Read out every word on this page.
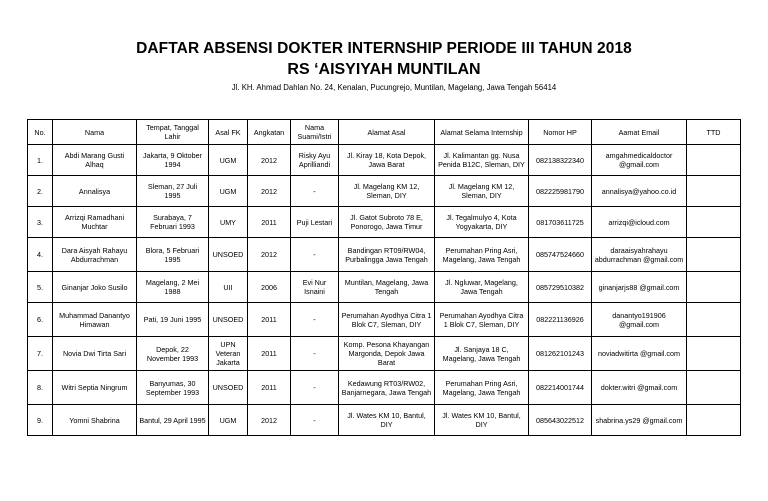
DAFTAR ABSENSI DOKTER INTERNSHIP PERIODE III TAHUN 2018
RS ‘AISYIYAH MUNTILAN
Jl. KH. Ahmad Dahlan No. 24, Kenalan, Pucungrejo, Muntilan, Magelang, Jawa Tengah 56414
No.	Nama	Tempat, Tanggal Lahir	Asal FK	Angkatan	Nama Suami/Istri	Alamat Asal	Alamat Selama Internship	Nomor HP	Aamat Email	TTD
1.	Abdi Marang Gusti Alhaq	Jakarta, 9 Oktober 1994	UGM	2012	Risky Ayu Aprilliandi	Jl. Kiray 18, Kota Depok, Jawa Barat	Jl. Kalimantan gg. Nusa Penida B12C, Sleman, DIY	082138322340	amgahmedicaldoctor @gmail.com	
2.	Annalisya	Sleman, 27 Juli 1995	UGM	2012	-	Jl. Magelang KM 12, Sleman, DIY	Jl. Magelang KM 12, Sleman, DIY	082225981790	annalisya@yahoo.co.id	
3.	Arrizqi Ramadhani Muchtar	Surabaya, 7 Februari 1993	UMY	2011	Puji Lestari	Jl. Gatot Subroto 78 E, Ponorogo, Jawa Timur	Jl. Tegalmulyo 4, Kota Yogyakarta, DIY	081703611725	arrizqi@icloud.com	
4.	Dara Aisyah Rahayu Abdurrachman	Blora, 5 Februari 1995	UNSOED	2012	-	Bandingan RT09/RW04, Purbalingga Jawa Tengah	Perumahan Pring Asri, Magelang, Jawa Tengah	085747524660	daraaisyahrahayu abdurrachman @gmail.com	
5.	Ginanjar Joko Susilo	Magelang, 2 Mei 1988	UII	2006	Evi Nur Isnaini	Muntilan, Magelang, Jawa Tengah	Jl. Ngluwar, Magelang, Jawa Tengah	085729510382	ginanjarjs88 @gmail.com	
6.	Muhammad Danantyo Himawan	Pati, 19 Juni 1995	UNSOED	2011	-	Perumahan Ayodhya Citra 1 Blok C7, Sleman, DIY	Perumahan Ayodhya Citra 1 Blok C7, Sleman, DIY	082221136926	danantyo191906 @gmail.com	
7.	Novia Dwi Tirta Sari	Depok, 22 November 1993	UPN Veteran Jakarta	2011	-	Komp. Pesona Khayangan Margonda, Depok Jawa Barat	Jl. Sanjaya 18 C, Magelang, Jawa Tengah	081262101243	noviadwitirta @gmail.com	
8.	Witri Septia Ningrum	Banyumas, 30 September 1993	UNSOED	2011	-	Kedawung RT03/RW02, Banjarnegara, Jawa Tengah	Perumahan Pring Asri, Magelang, Jawa Tengah	082214001744	dokter.witri @gmail.com	
9.	Yomni Shabrina	Bantul, 29 April 1995	UGM	2012	-	Jl. Wates KM 10, Bantul, DIY	Jl. Wates KM 10, Bantul, DIY	085643022512	shabrina.ys29 @gmail.com	
